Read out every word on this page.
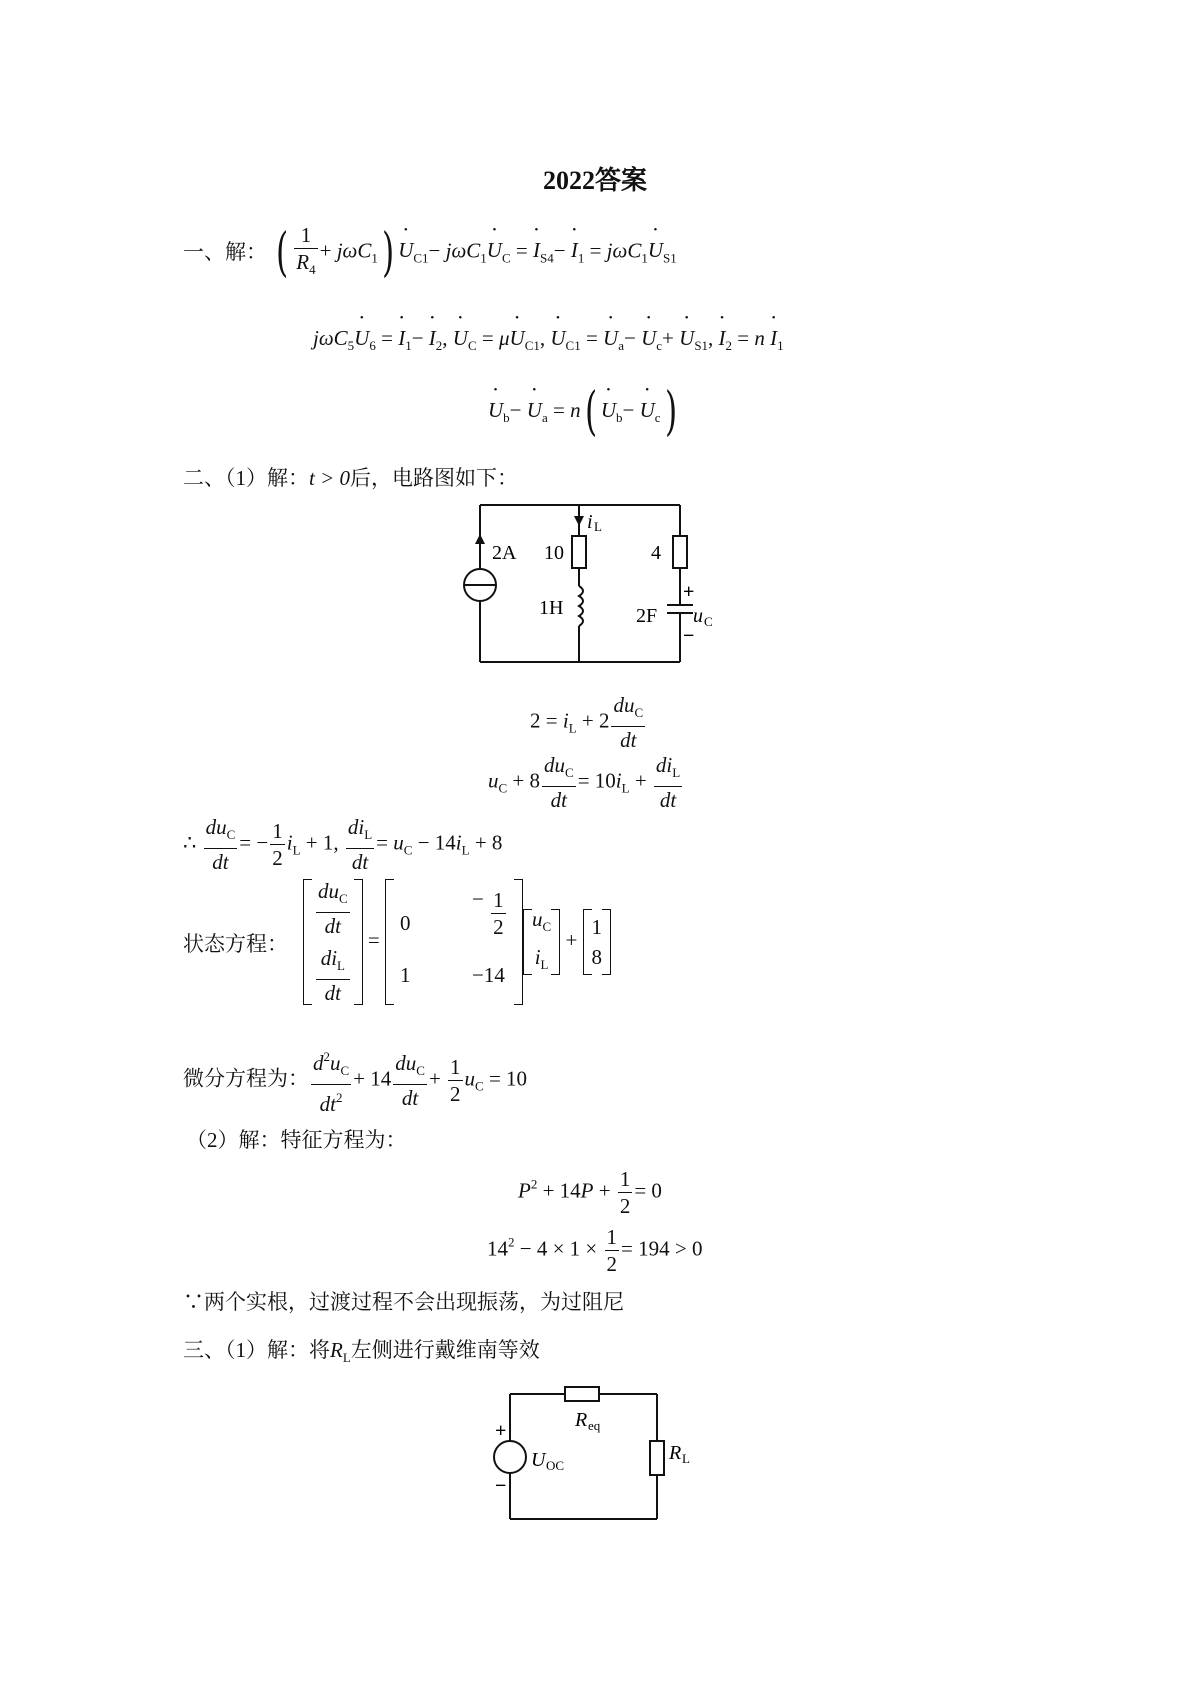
2022答案
一、解： ( $\frac{1}{R_4}$ + jωC$_1$)• $U_{C1}-$ jωC$_1$• $U_C$ = • $I_{S4}-$ • $I_1$ = jωC$_1$• $U_{S1}$
jωC$_5$• $U_6$ = • $I_1-$ • $I_2$, • $U_C$ = μ• $U_{C1}$, • $U_{C1}$ = • $U_a-$ • $U_c+$ • $U_{S1}$, • $I_2 = n$ • $I_1$
• $U_b-$ • $U_a$ = n(• $U_b-$ • $U_c$)
二、（1）解：t > 0后，电路图如下：
2A 10
1H
4
2F
i L
u C
+
−
$2 = i_L + 2 \frac{du_C}{dt}$
$u_C + 8 \frac{du_C}{dt} = 10i_L + \frac{di_L}{dt}$
∴ $\frac{du_C}{dt}$ = − $\frac{1}{2} i_L + 1$, $\frac{di_L}{dt} = u_C - 14i_L + 8$
状态方程：
$du_C$
dt
$di_L$
dt
=
0
− $\frac{1}{2}$
1	−14
$u_C$
$i_L + 1$
8
微分方程为： $\frac{d^2u_C}{dt^2} + 14 \frac{du_C}{dt} + \frac{1}{2} u_C = 10$
（2）解：特征方程为：
$P^2 + 14P + \frac{1}{2} = 0$
$14^2 - 4 \times 1 \times \frac{1}{2} = 194 > 0$
∵两个实根，过渡过程不会出现振荡，为过阻尼
三、（1）解：将$R_L$左侧进行戴维南等效
R eq
U OC
R L
+
−
